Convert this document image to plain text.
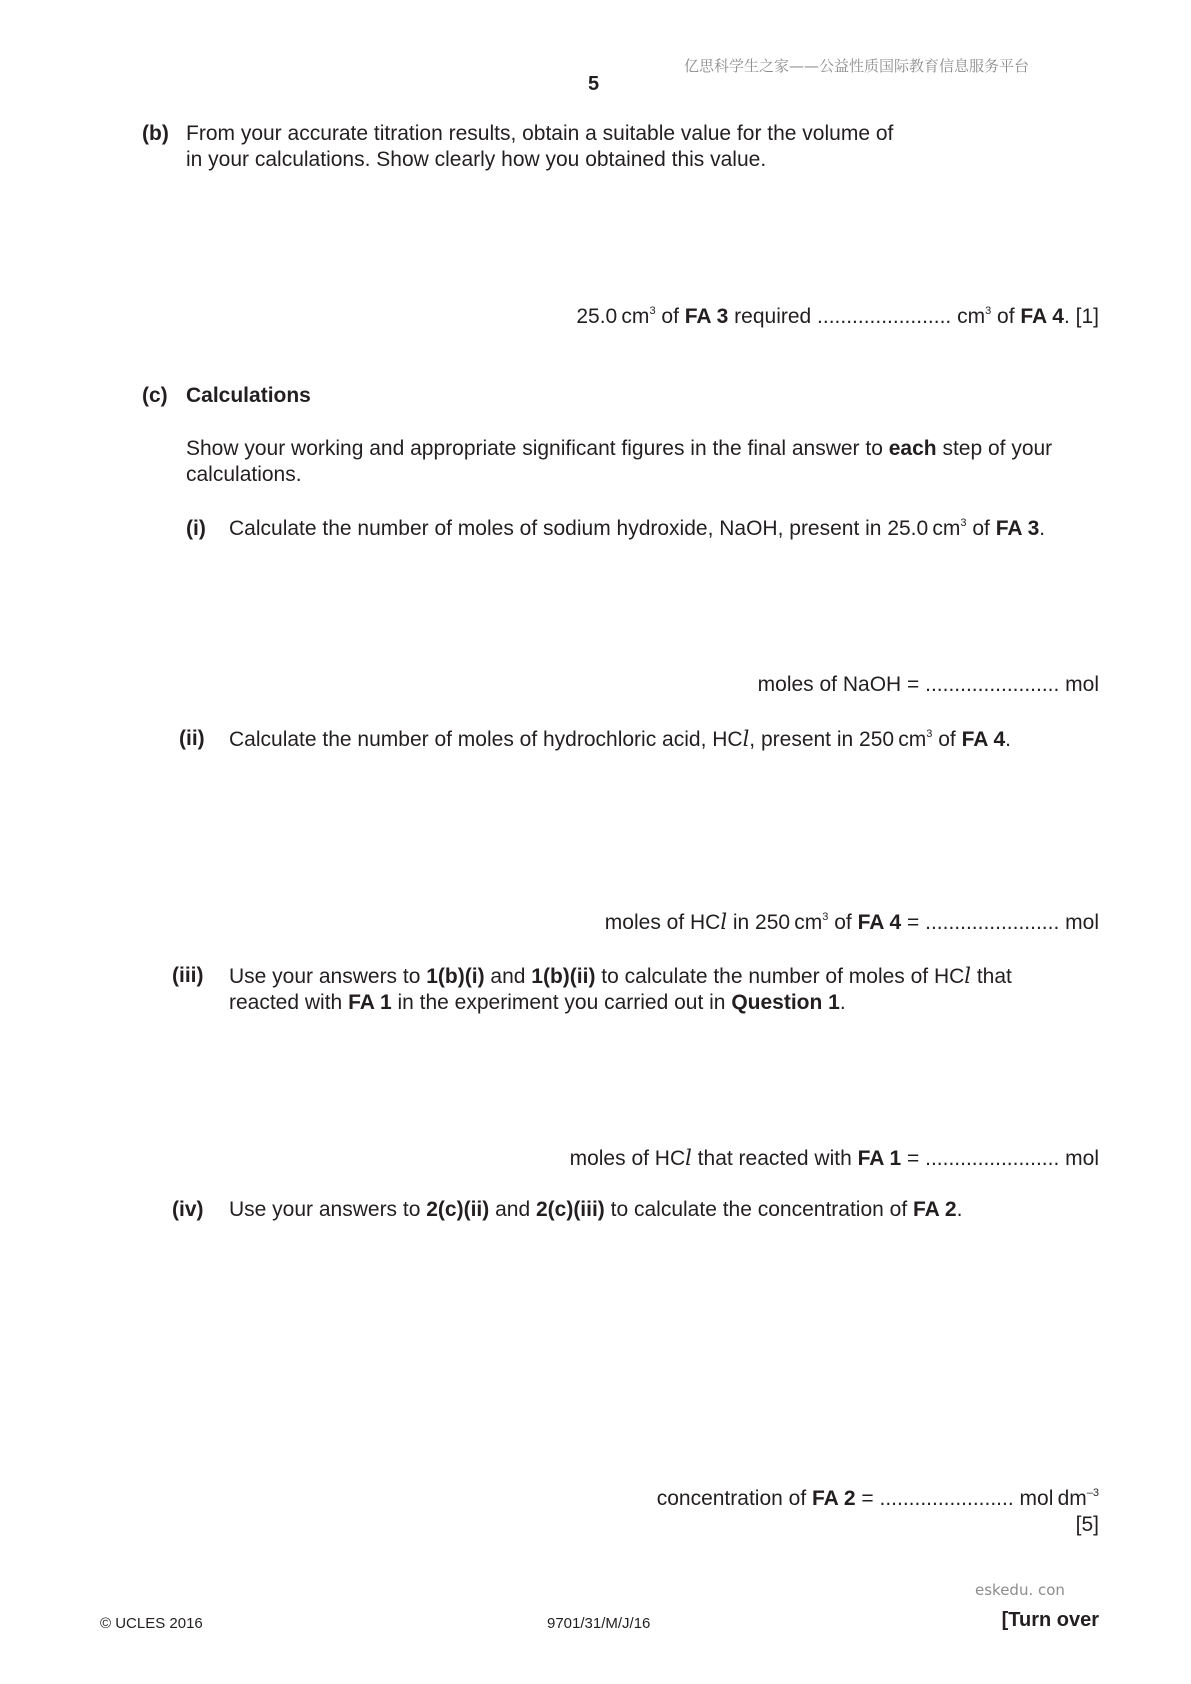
亿思科学生之家——公益性质国际教育信息服务平台
5
(b) From your accurate titration results, obtain a suitable value for the volume of
in your calculations. Show clearly how you obtained this value.
25.0 $cm^3$ of FA 3 required ....................... $cm^3$ of FA 4. [1]
(c) Calculations
Show your working and appropriate significant figures in the final answer to each step of your
calculations.
(i) Calculate the number of moles of sodium hydroxide, NaOH, present in 25.0 $cm^3$ of FA 3.
moles of NaOH = ....................... mol
(ii) Calculate the number of moles of hydrochloric acid, HCl, present in 250 $cm^3$ of FA 4.
moles of HCl in 250 $cm^3$ of FA 4 = ....................... mol
(iii) Use your answers to 1(b)(i) and 1(b)(ii) to calculate the number of moles of HCl that
reacted with FA 1 in the experiment you carried out in Question 1.
moles of HCl that reacted with FA 1 = ....................... mol
(iv) Use your answers to 2(c)(ii) and 2(c)(iii) to calculate the concentration of FA 2.
concentration of FA 2 = ....................... mol $dm^{-3}$
[5]
eskedu. con
© UCLES 2016	9701/31/M/J/16	[Turn over
